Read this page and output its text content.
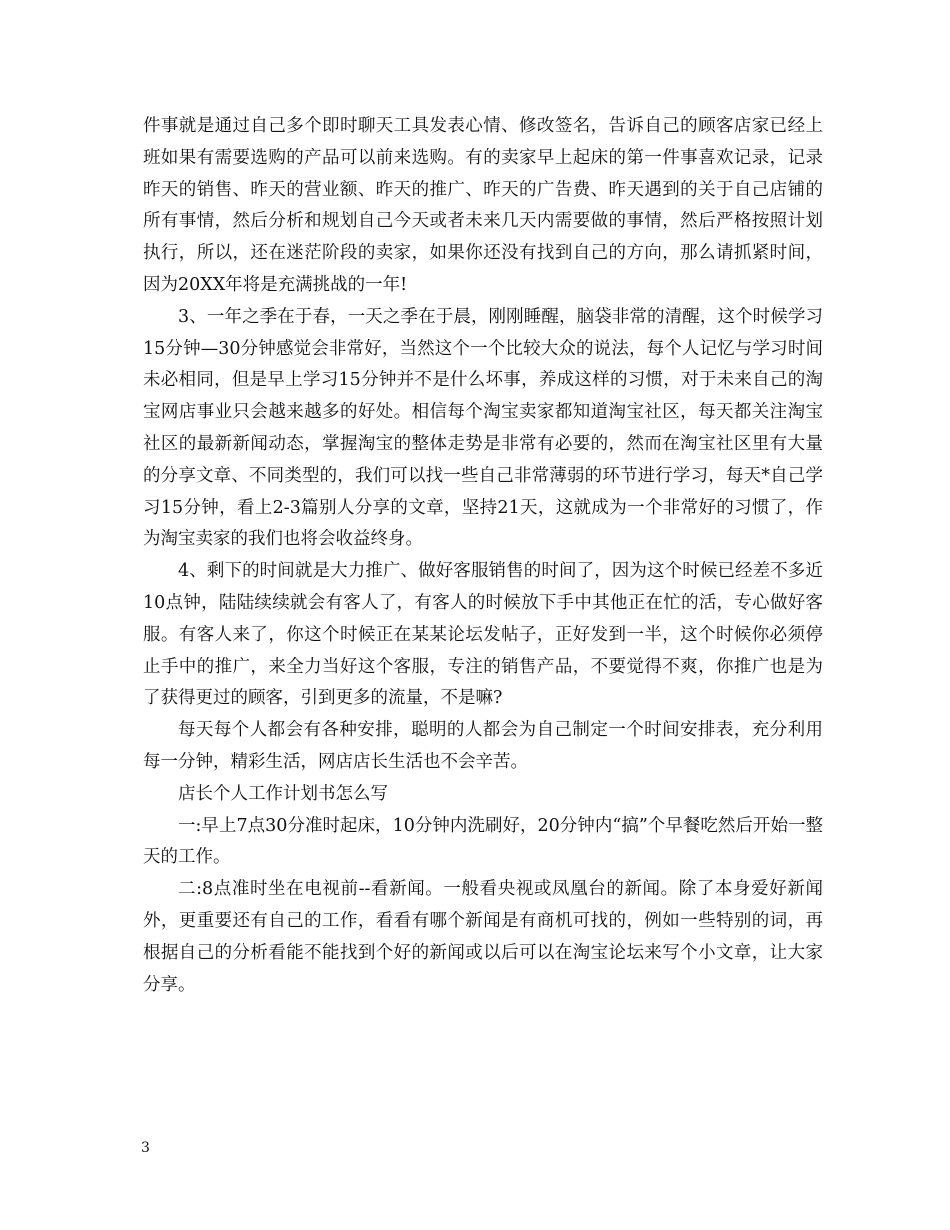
件事就是通过自己多个即时聊天工具发表心情、修改签名，告诉自己的顾客店家已经上班如果有需要选购的产品可以前来选购。有的卖家早上起床的第一件事喜欢记录，记录昨天的销售、昨天的营业额、昨天的推广、昨天的广告费、昨天遇到的关于自己店铺的所有事情，然后分析和规划自己今天或者未来几天内需要做的事情，然后严格按照计划执行，所以，还在迷茫阶段的卖家，如果你还没有找到自己的方向，那么请抓紧时间，因为20XX年将是充满挑战的一年!

3、一年之季在于春，一天之季在于晨，刚刚睡醒，脑袋非常的清醒，这个时候学习15分钟—30分钟感觉会非常好，当然这个一个比较大众的说法，每个人记忆与学习时间未必相同，但是早上学习15分钟并不是什么坏事，养成这样的习惯，对于未来自己的淘宝网店事业只会越来越多的好处。相信每个淘宝卖家都知道淘宝社区，每天都关注淘宝社区的最新新闻动态，掌握淘宝的整体走势是非常有必要的，然而在淘宝社区里有大量的分享文章、不同类型的，我们可以找一些自己非常薄弱的环节进行学习，每天*自己学习15分钟，看上2-3篇别人分享的文章，坚持21天，这就成为一个非常好的习惯了，作为淘宝卖家的我们也将会收益终身。

4、剩下的时间就是大力推广、做好客服销售的时间了，因为这个时候已经差不多近10点钟，陆陆续续就会有客人了，有客人的时候放下手中其他正在忙的活，专心做好客服。有客人来了，你这个时候正在某某论坛发帖子，正好发到一半，这个时候你必须停止手中的推广，来全力当好这个客服，专注的销售产品，不要觉得不爽，你推广也是为了获得更过的顾客，引到更多的流量，不是嘛?

每天每个人都会有各种安排，聪明的人都会为自己制定一个时间安排表，充分利用每一分钟，精彩生活，网店店长生活也不会辛苦。

店长个人工作计划书怎么写

一:早上7点30分准时起床，10分钟内洗刷好，20分钟内“搞”个早餐吃然后开始一整天的工作。

二:8点准时坐在电视前--看新闻。一般看央视或凤凰台的新闻。除了本身爱好新闻外，更重要还有自己的工作，看看有哪个新闻是有商机可找的，例如一些特别的词，再根据自己的分析看能不能找到个好的新闻或以后可以在淘宝论坛来写个小文章，让大家分享。

3
